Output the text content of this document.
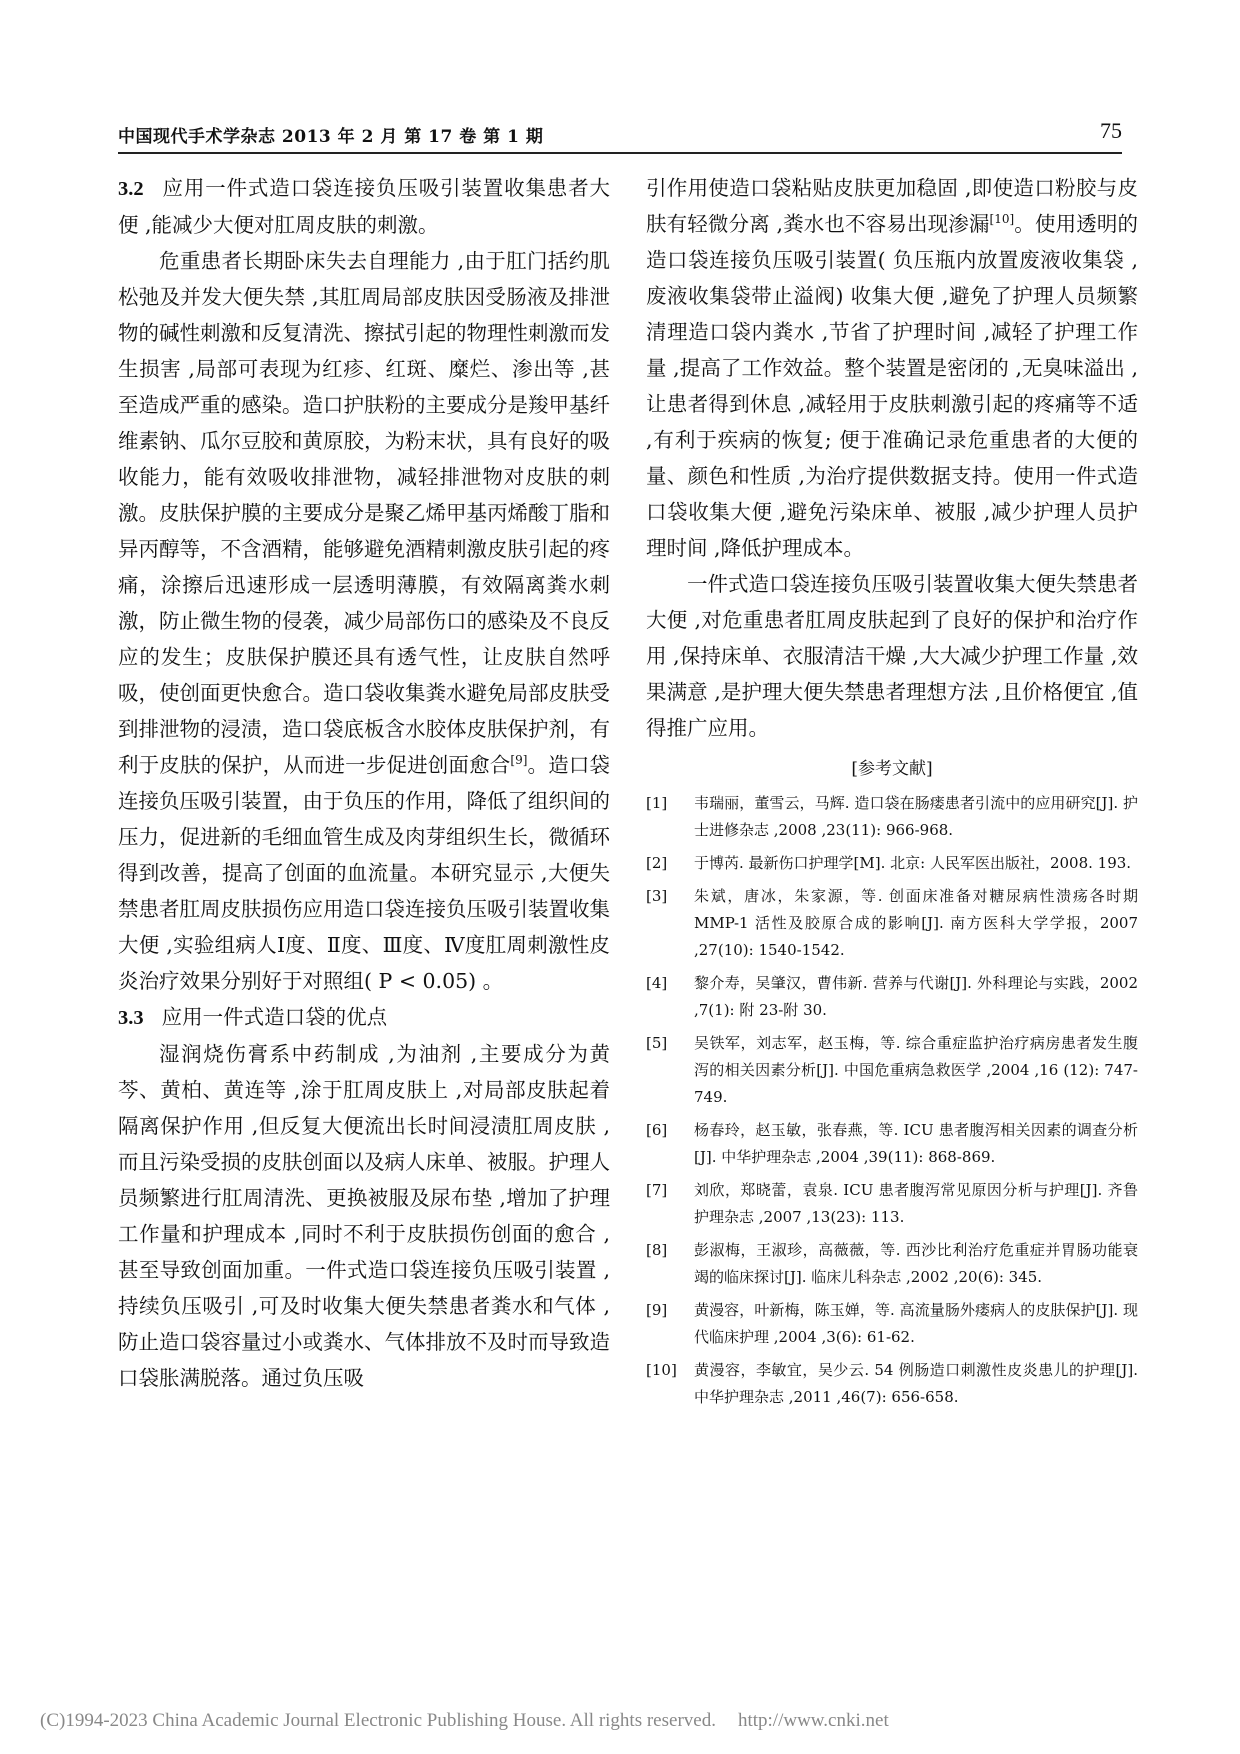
中国现代手术学杂志 2013 年 2 月 第 17 卷 第 1 期	75

3.2 应用一件式造口袋连接负压吸引装置收集患者大便 ,能减少大便对肛周皮肤的刺激。

危重患者长期卧床失去自理能力 ,由于肛门括约肌松弛及并发大便失禁 ,其肛周局部皮肤因受肠液及排泄物的碱性刺激和反复清洗、擦拭引起的物理性刺激而发生损害 ,局部可表现为红疹、红斑、糜烂、渗出等 ,甚至造成严重的感染。造口护肤粉的主要成分是羧甲基纤维素钠、瓜尔豆胶和黄原胶，为粉末状，具有良好的吸收能力，能有效吸收排泄物，减轻排泄物对皮肤的刺激。皮肤保护膜的主要成分是聚乙烯甲基丙烯酸丁脂和异丙醇等，不含酒精，能够避免酒精刺激皮肤引起的疼痛，涂擦后迅速形成一层透明薄膜，有效隔离粪水刺激，防止微生物的侵袭，减少局部伤口的感染及不良反应的发生；皮肤保护膜还具有透气性，让皮肤自然呼吸，使创面更快愈合。造口袋收集粪水避免局部皮肤受到排泄物的浸渍，造口袋底板含水胶体皮肤保护剂，有利于皮肤的保护，从而进一步促进创面愈合[9]。造口袋连接负压吸引装置，由于负压的作用，降低了组织间的压力，促进新的毛细血管生成及肉芽组织生长，微循环得到改善，提高了创面的血流量。本研究显示 ,大便失禁患者肛周皮肤损伤应用造口袋连接负压吸引装置收集大便 ,实验组病人Ⅰ度、Ⅱ度、Ⅲ度、Ⅳ度肛周刺激性皮炎治疗效果分别好于对照组( P < 0.05) 。

3.3 应用一件式造口袋的优点

湿润烧伤膏系中药制成 ,为油剂 ,主要成分为黄芩、黄柏、黄连等 ,涂于肛周皮肤上 ,对局部皮肤起着隔离保护作用 ,但反复大便流出长时间浸渍肛周皮肤 ,而且污染受损的皮肤创面以及病人床单、被服。护理人员频繁进行肛周清洗、更换被服及尿布垫 ,增加了护理工作量和护理成本 ,同时不利于皮肤损伤创面的愈合 ,甚至导致创面加重。一件式造口袋连接负压吸引装置 ,持续负压吸引 ,可及时收集大便失禁患者粪水和气体 ,防止造口袋容量过小或粪水、气体排放不及时而导致造口袋胀满脱落。通过负压吸

引作用使造口袋粘贴皮肤更加稳固 ,即使造口粉胶与皮肤有轻微分离 ,粪水也不容易出现渗漏[10]。使用透明的造口袋连接负压吸引装置( 负压瓶内放置废液收集袋 ,废液收集袋带止溢阀) 收集大便 ,避免了护理人员频繁清理造口袋内粪水 ,节省了护理时间 ,减轻了护理工作量 ,提高了工作效益。整个装置是密闭的 ,无臭味溢出 ,让患者得到休息 ,减轻用于皮肤刺激引起的疼痛等不适 ,有利于疾病的恢复; 便于准确记录危重患者的大便的量、颜色和性质 ,为治疗提供数据支持。使用一件式造口袋收集大便 ,避免污染床单、被服 ,减少护理人员护理时间 ,降低护理成本。

一件式造口袋连接负压吸引装置收集大便失禁患者大便 ,对危重患者肛周皮肤起到了良好的保护和治疗作用 ,保持床单、衣服清洁干燥 ,大大减少护理工作量 ,效果满意 ,是护理大便失禁患者理想方法 ,且价格便宜 ,值得推广应用。

[参考文献]
[1] 韦瑞丽，董雪云，马辉. 造口袋在肠瘘患者引流中的应用研究[J]. 护士进修杂志 ,2008 ,23(11): 966-968.
[2] 于博芮. 最新伤口护理学[M]. 北京: 人民军医出版社，2008. 193.
[3] 朱斌，唐冰，朱家源，等. 创面床准备对糖尿病性溃疡各时期 MMP-1 活性及胶原合成的影响[J]. 南方医科大学学报，2007 ,27(10): 1540-1542.
[4] 黎介寿，吴肇汉，曹伟新. 营养与代谢[J]. 外科理论与实践，2002 ,7(1): 附 23-附 30.
[5] 吴铁军，刘志军，赵玉梅，等. 综合重症监护治疗病房患者发生腹泻的相关因素分析[J]. 中国危重病急救医学 ,2004 ,16 (12): 747-749.
[6] 杨春玲，赵玉敏，张春燕，等. ICU 患者腹泻相关因素的调查分析[J]. 中华护理杂志 ,2004 ,39(11): 868-869.
[7] 刘欣，郑晓蕾，袁泉. ICU 患者腹泻常见原因分析与护理[J]. 齐鲁护理杂志 ,2007 ,13(23): 113.
[8] 彭淑梅，王淑珍，高薇薇，等. 西沙比利治疗危重症并胃肠功能衰竭的临床探讨[J]. 临床儿科杂志 ,2002 ,20(6): 345.
[9] 黄漫容，叶新梅，陈玉婵，等. 高流量肠外瘘病人的皮肤保护[J]. 现代临床护理 ,2004 ,3(6): 61-62.
[10] 黄漫容，李敏宜，吴少云. 54 例肠造口刺激性皮炎患儿的护理[J]. 中华护理杂志 ,2011 ,46(7): 656-658.
(C)1994-2023 China Academic Journal Electronic Publishing House. All rights reserved. http://www.cnki.net
